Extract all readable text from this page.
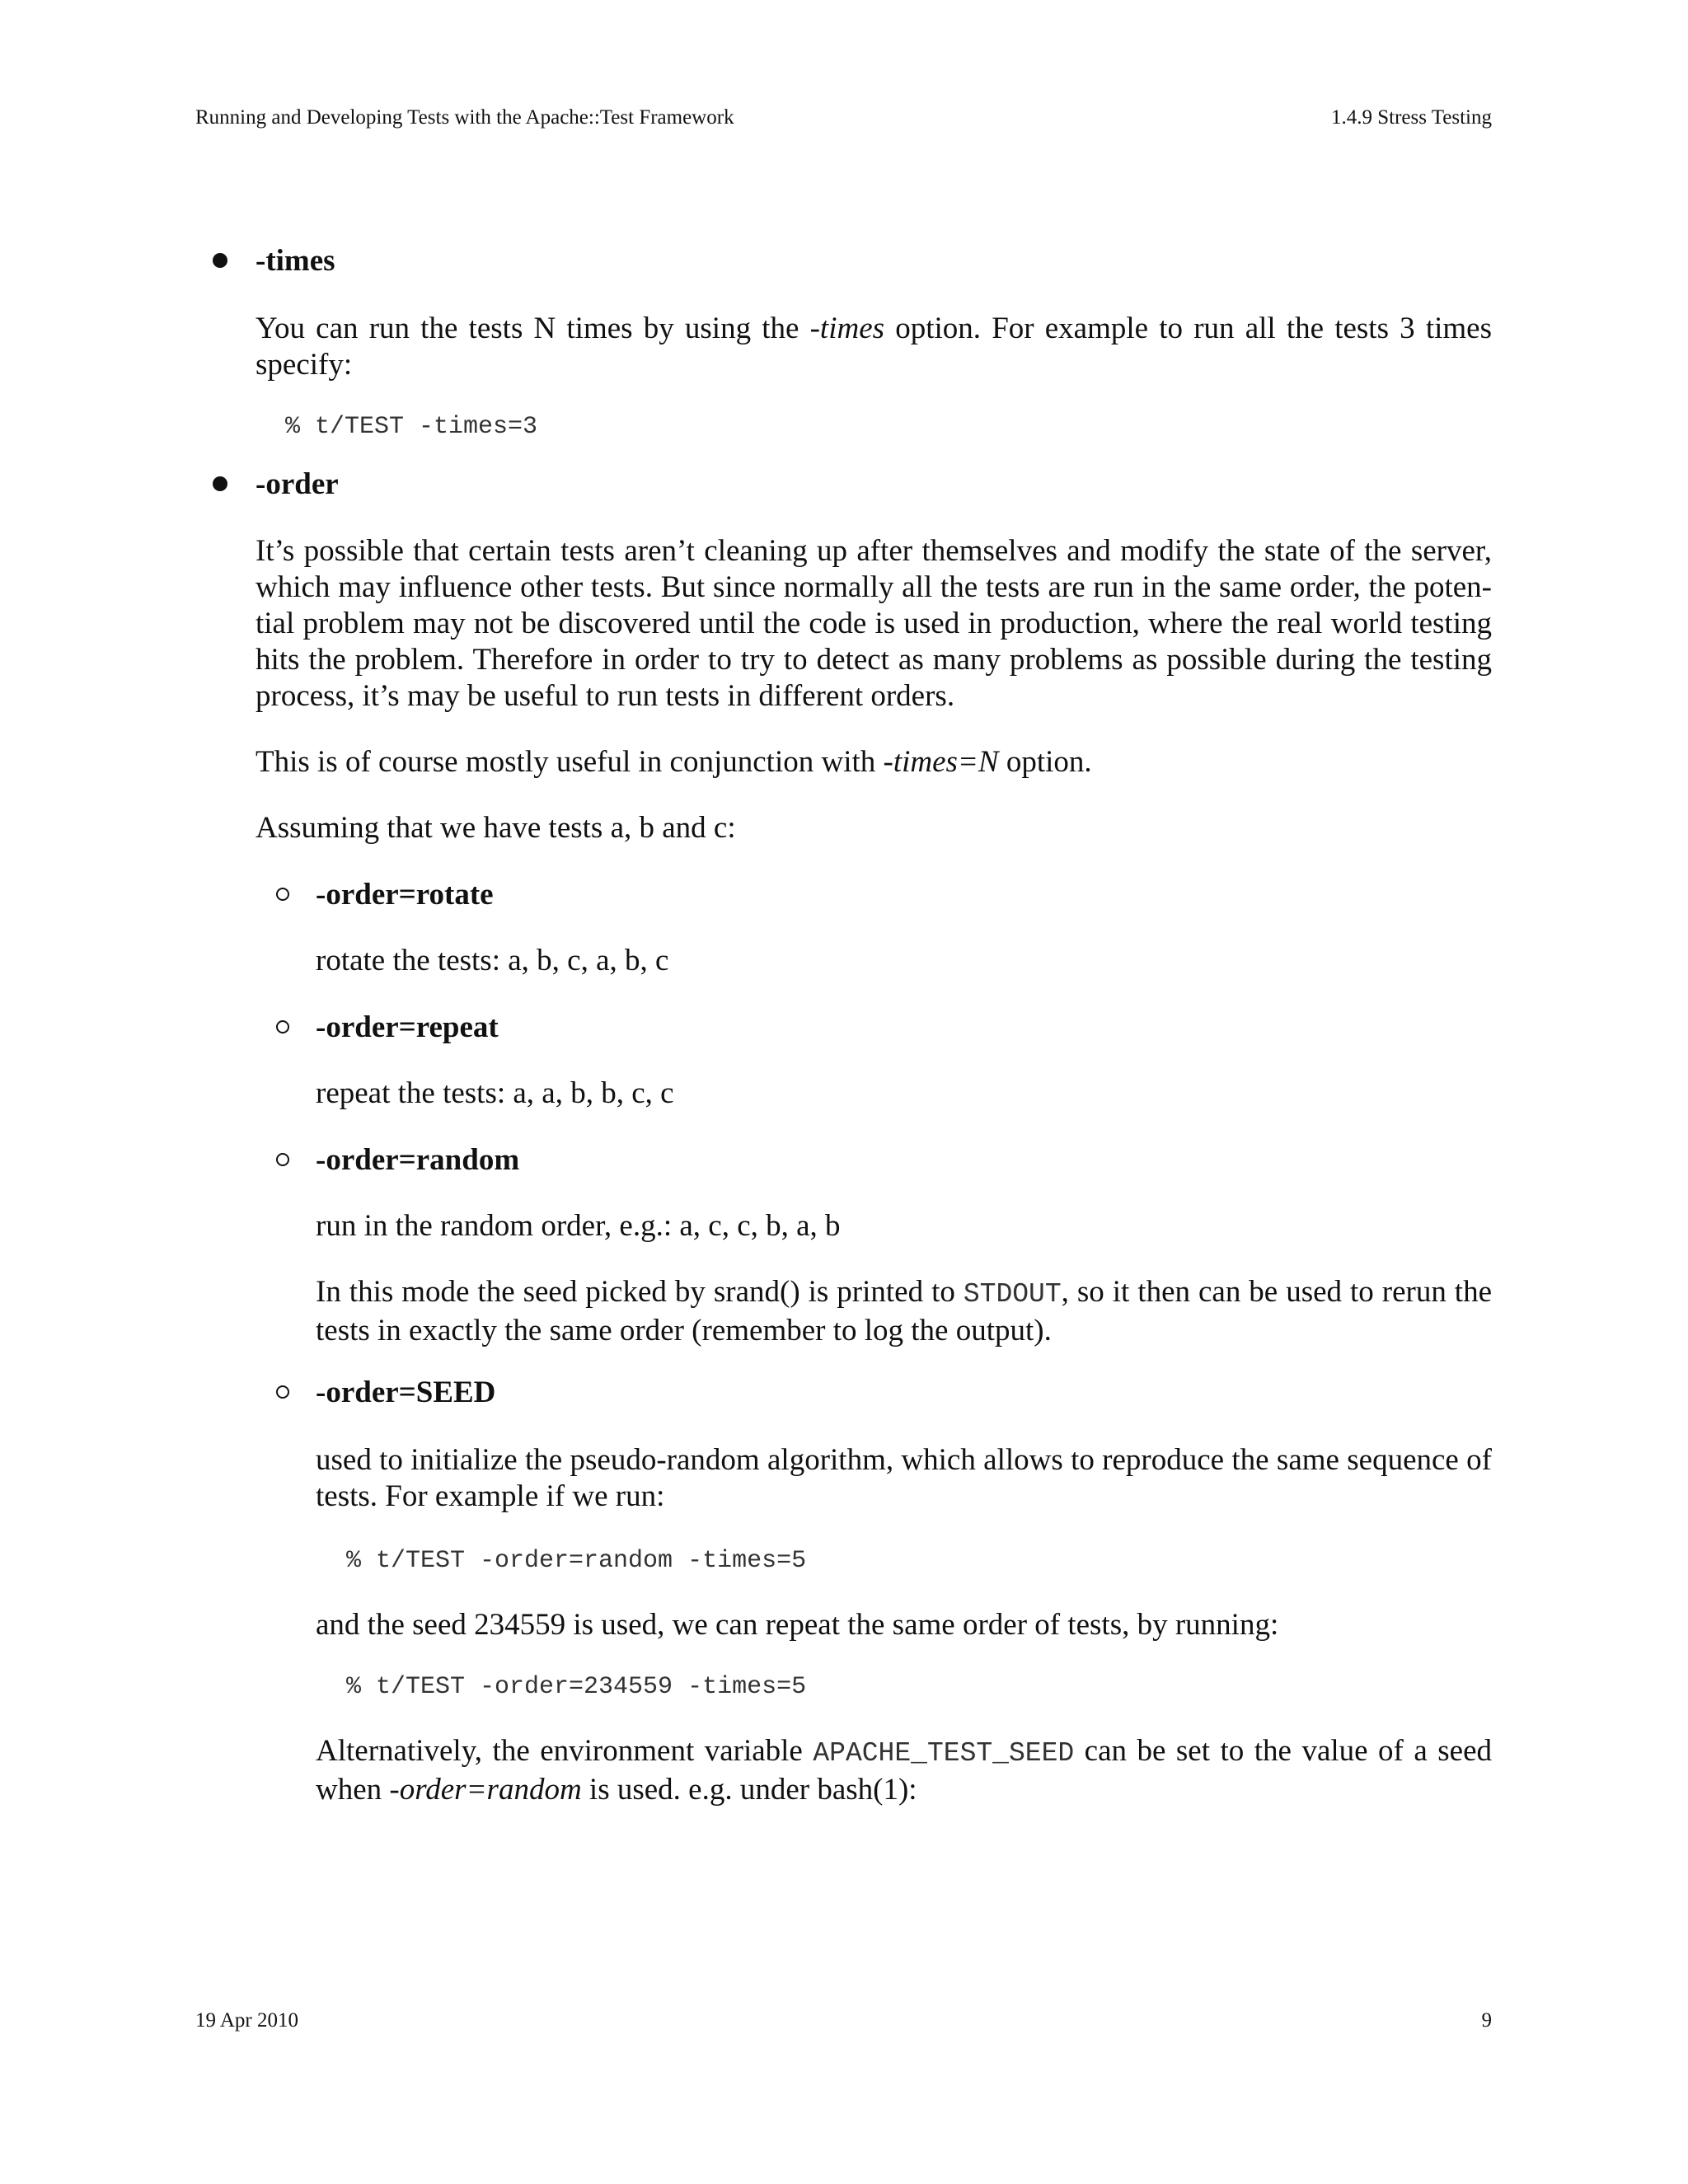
Running and Developing Tests with the Apache::Test Framework	1.4.9 Stress Testing
-times
You can run the tests N times by using the -times option. For example to run all the tests 3 times specify:
% t/TEST -times=3
-order
It’s possible that certain tests aren’t cleaning up after themselves and modify the state of the server, which may influence other tests. But since normally all the tests are run in the same order, the potential problem may not be discovered until the code is used in production, where the real world testing hits the problem. Therefore in order to try to detect as many problems as possible during the testing process, it’s may be useful to run tests in different orders.
This is of course mostly useful in conjunction with -times=N option.
Assuming that we have tests a, b and c:
-order=rotate
rotate the tests: a, b, c, a, b, c
-order=repeat
repeat the tests: a, a, b, b, c, c
-order=random
run in the random order, e.g.: a, c, c, b, a, b
In this mode the seed picked by srand() is printed to STDOUT, so it then can be used to rerun the tests in exactly the same order (remember to log the output).
-order=SEED
used to initialize the pseudo-random algorithm, which allows to reproduce the same sequence of tests. For example if we run:
% t/TEST -order=random -times=5
and the seed 234559 is used, we can repeat the same order of tests, by running:
% t/TEST -order=234559 -times=5
Alternatively, the environment variable APACHE_TEST_SEED can be set to the value of a seed when -order=random is used. e.g. under bash(1):
19 Apr 2010	9
